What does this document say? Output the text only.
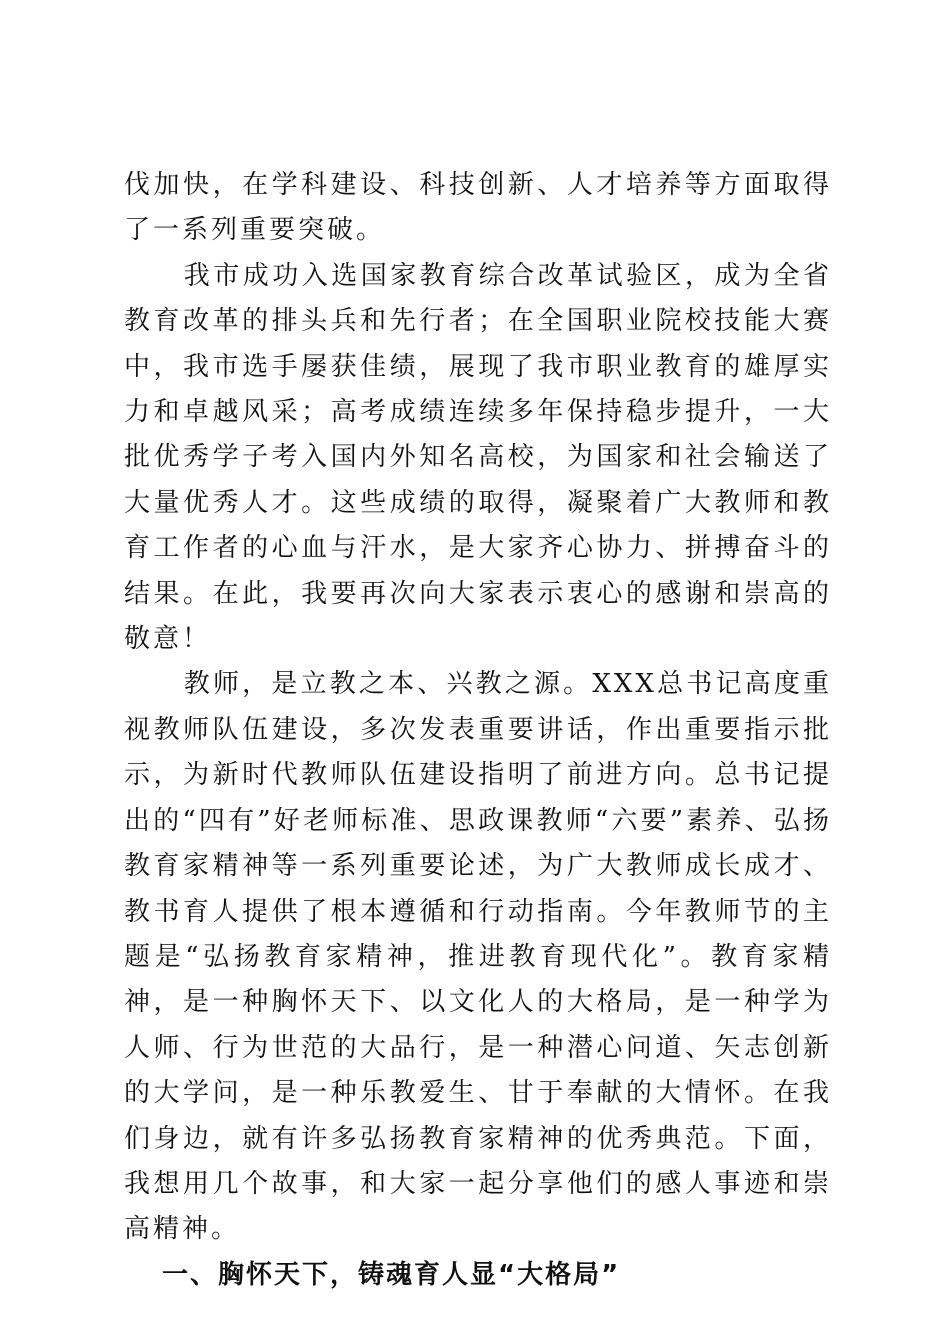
伐加快，在学科建设、科技创新、人才培养等方面取得了一系列重要突破。

我市成功入选国家教育综合改革试验区，成为全省教育改革的排头兵和先行者；在全国职业院校技能大赛中，我市选手屡获佳绩，展现了我市职业教育的雄厚实力和卓越风采；高考成绩连续多年保持稳步提升，一大批优秀学子考入国内外知名高校，为国家和社会输送了大量优秀人才。这些成绩的取得，凝聚着广大教师和教育工作者的心血与汗水，是大家齐心协力、拼搏奋斗的结果。在此，我要再次向大家表示衷心的感谢和崇高的敬意！

教师，是立教之本、兴教之源。XXX总书记高度重视教师队伍建设，多次发表重要讲话，作出重要指示批示，为新时代教师队伍建设指明了前进方向。总书记提出的“四有”好老师标准、思政课教师“六要”素养、弘扬教育家精神等一系列重要论述，为广大教师成长成才、教书育人提供了根本遵循和行动指南。今年教师节的主题是“弘扬教育家精神，推进教育现代化”。教育家精神，是一种胸怀天下、以文化人的大格局，是一种学为人师、行为世范的大品行，是一种潜心问道、矢志创新的大学问，是一种乐教爱生、甘于奉献的大情怀。在我们身边，就有许多弘扬教育家精神的优秀典范。下面，我想用几个故事，和大家一起分享他们的感人事迹和崇高精神。

一、胸怀天下，铸魂育人显“大格局”
